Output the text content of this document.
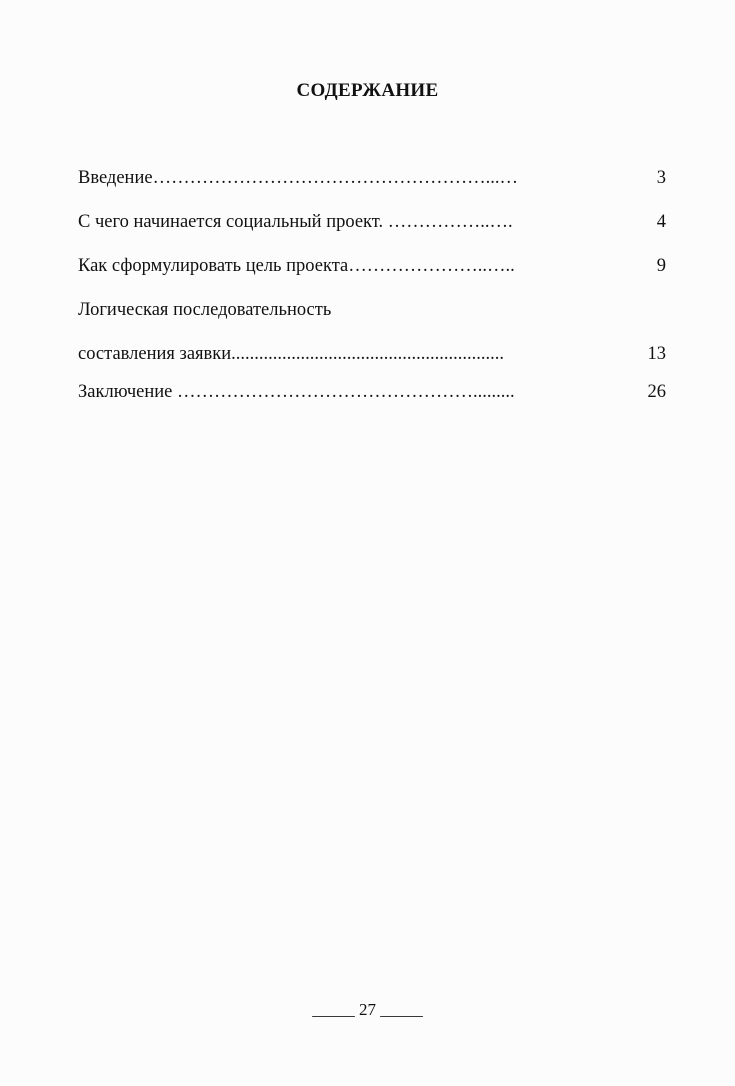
СОДЕРЖАНИЕ
Введение………………………………………………...…	3
С чего начинается социальный проект. ……………..….	4
Как сформулировать цель проекта…………………..…..	9
Логическая последовательность
составления заявки...........................................................	13
Заключение ………………………………………….........	26
_____ 27 _____
